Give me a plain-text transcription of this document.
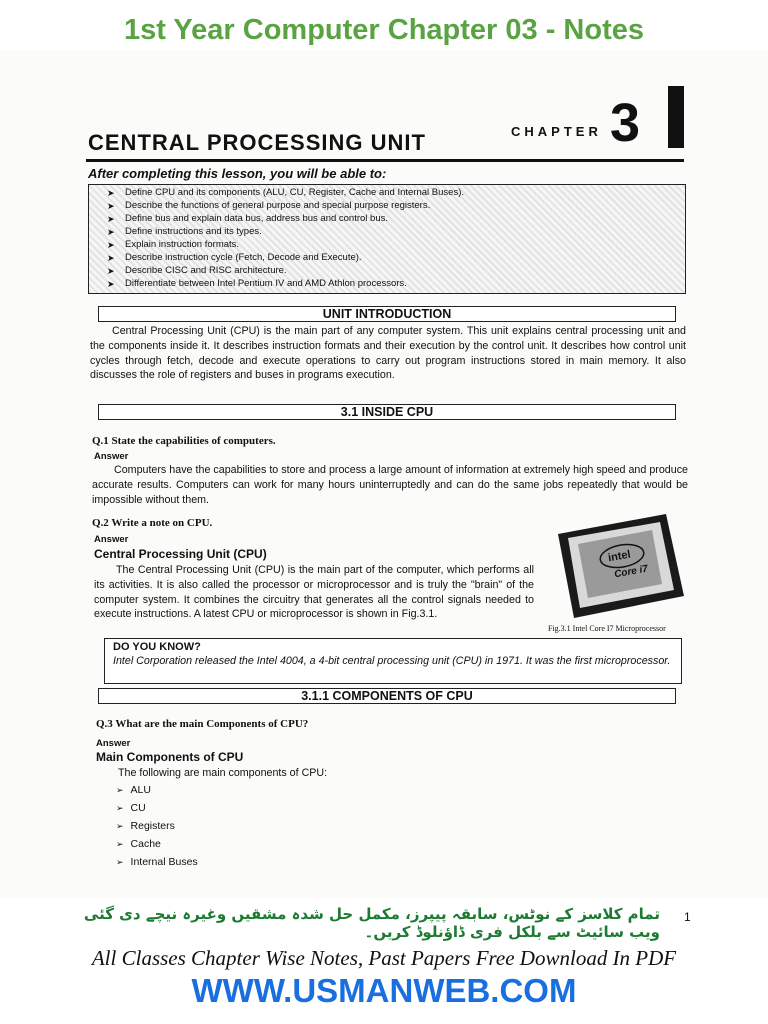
1st Year Computer Chapter 03 - Notes
CENTRAL PROCESSING UNIT	CHAPTER 3
After completing this lesson, you will be able to:
➤ Define CPU and its components (ALU, CU, Register, Cache and Internal Buses).
➤ Describe the functions of general purpose and special purpose registers.
➤ Define bus and explain data bus, address bus and control bus.
➤ Define instructions and its types.
➤ Explain instruction formats.
➤ Describe instruction cycle (Fetch, Decode and Execute).
➤ Describe CISC and RISC architecture.
➤ Differentiate between Intel Pentium IV and AMD Athlon processors.
UNIT INTRODUCTION
Central Processing Unit (CPU) is the main part of any computer system. This unit explains central processing unit and the components inside it. It describes instruction formats and their execution by the control unit. It describes how control unit cycles through fetch, decode and execute operations to carry out program instructions stored in main memory. It also discusses the role of registers and buses in programs execution.
3.1 INSIDE CPU
Q.1 State the capabilities of computers.
Answer
Computers have the capabilities to store and process a large amount of information at extremely high speed and produce accurate results. Computers can work for many hours uninterruptedly and can do the same jobs repeatedly that would be impossible without them.
Q.2 Write a note on CPU.
Answer
Central Processing Unit (CPU)
The Central Processing Unit (CPU) is the main part of the computer, which performs all its activities. It is also called the processor or microprocessor and is truly the "brain" of the computer system. It combines the circuitry that generates all the control signals needed to execute instructions. A latest CPU or microprocessor is shown in Fig.3.1.
intel
Core i7
Fig.3.1 Intel Core I7 Microprocessor
DO YOU KNOW?
Intel Corporation released the Intel 4004, a 4-bit central processing unit (CPU) in 1971. It was the first microprocessor.
3.1.1 COMPONENTS OF CPU
Q.3 What are the main Components of CPU?
Answer
Main Components of CPU
The following are main components of CPU:
➢ ALU
➢ CU
➢ Registers
➢ Cache
➢ Internal Buses
تمام کلاسز کے نوٹس، سابقہ پیپرز، مکمل حل شدہ مشقیں وغیرہ نیچے دی گئی ویب سائیٹ سے بلکل فری ڈاؤنلوڈ کریں۔
1
All Classes Chapter Wise Notes, Past Papers Free Download In PDF
WWW.USMANWEB.COM
